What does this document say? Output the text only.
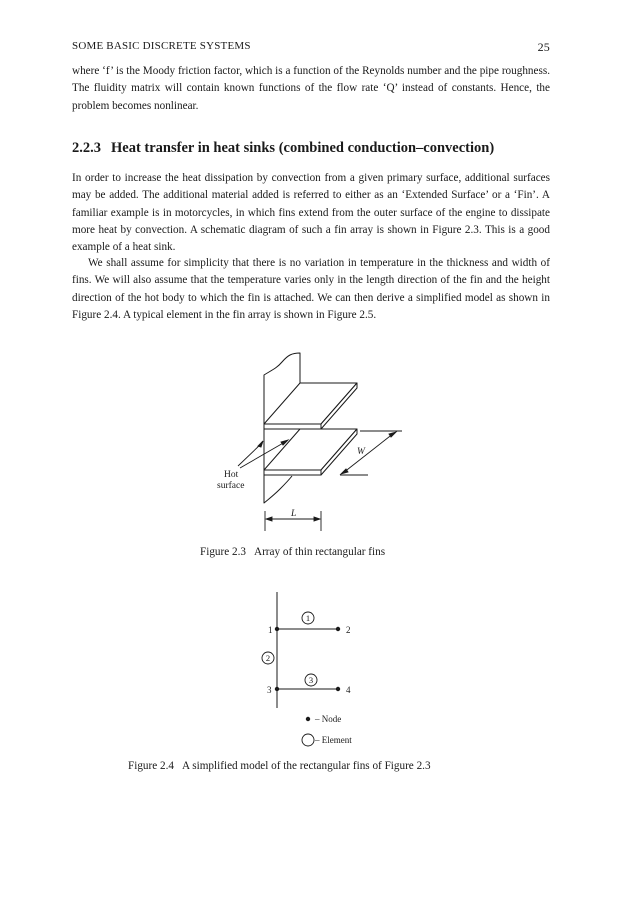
SOME BASIC DISCRETE SYSTEMS	25

where ‘f’ is the Moody friction factor, which is a function of the Reynolds number and the pipe roughness. The fluidity matrix will contain known functions of the flow rate ‘Q’ instead of constants. Hence, the problem becomes nonlinear.

2.2.3 Heat transfer in heat sinks (combined conduction–convection)

In order to increase the heat dissipation by convection from a given primary surface, additional surfaces may be added. The additional material added is referred to either as an ‘Extended Surface’ or a ‘Fin’. A familiar example is in motorcycles, in which fins extend from the outer surface of the engine to dissipate more heat by convection. A schematic diagram of such a fin array is shown in Figure 2.3. This is a good example of a heat sink.

We shall assume for simplicity that there is no variation in temperature in the thickness and width of fins. We will also assume that the temperature varies only in the length direction of the fin and the height direction of the hot body to which the fin is attached. We can then derive a simplified model as shown in Figure 2.4. A typical element in the fin array is shown in Figure 2.5.

W
L
Hot
surface
Figure 2.3 Array of thin rectangular fins
1	2
3	4
1
2
3
– Node
– Element
Figure 2.4 A simplified model of the rectangular fins of Figure 2.3
